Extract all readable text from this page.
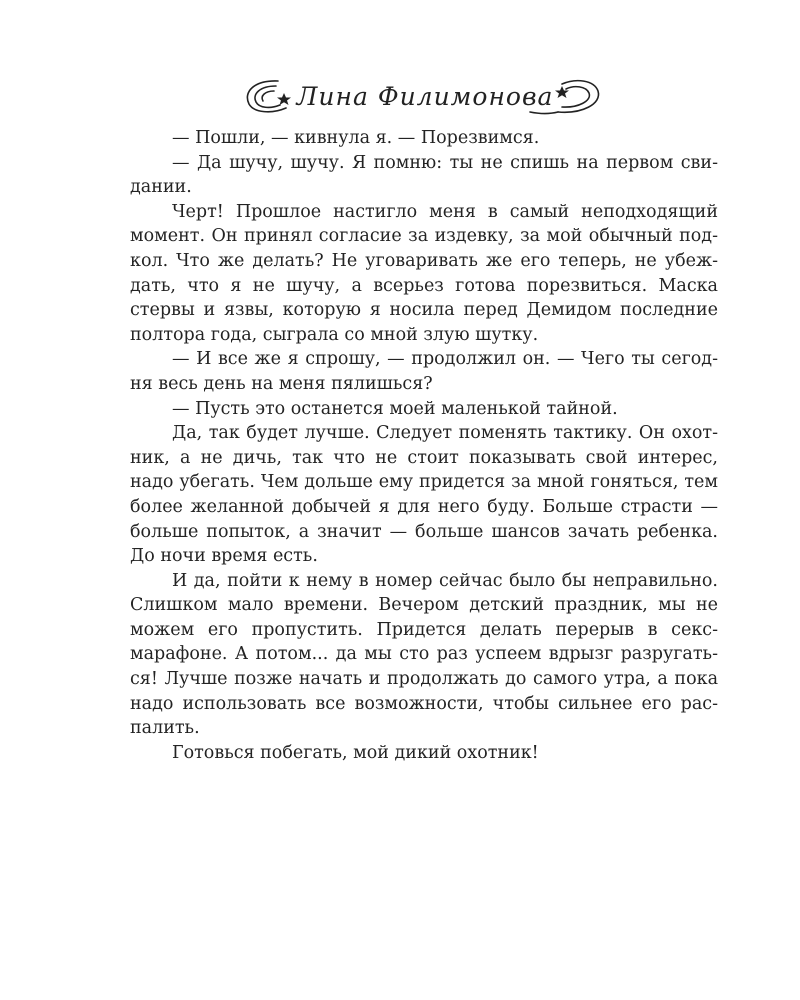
Лина Филимонова

— Пошли, — кивнула я. — Порезвимся.

— Да шучу, шучу. Я помню: ты не спишь на первом свидании.

Черт! Прошлое настигло меня в самый неподходящий момент. Он принял согласие за издевку, за мой обычный подкол. Что же делать? Не уговаривать же его теперь, не убеждать, что я не шучу, а всерьез готова порезвиться. Маска стервы и язвы, которую я носила перед Демидом последние полтора года, сыграла со мной злую шутку.

— И все же я спрошу, — продолжил он. — Чего ты сегодня весь день на меня пялишься?

— Пусть это останется моей маленькой тайной.

Да, так будет лучше. Следует поменять тактику. Он охотник, а не дичь, так что не стоит показывать свой интерес, надо убегать. Чем дольше ему придется за мной гоняться, тем более желанной добычей я для него буду. Больше страсти — больше попыток, а значит — больше шансов зачать ребенка. До ночи время есть.

И да, пойти к нему в номер сейчас было бы неправильно. Слишком мало времени. Вечером детский праздник, мы не можем его пропустить. Придется делать перерыв в секс-марафоне. А потом... да мы сто раз успеем вдрызг разругаться! Лучше позже начать и продолжать до самого утра, а пока надо использовать все возможности, чтобы сильнее его распалить.

Готовься побегать, мой дикий охотник!
